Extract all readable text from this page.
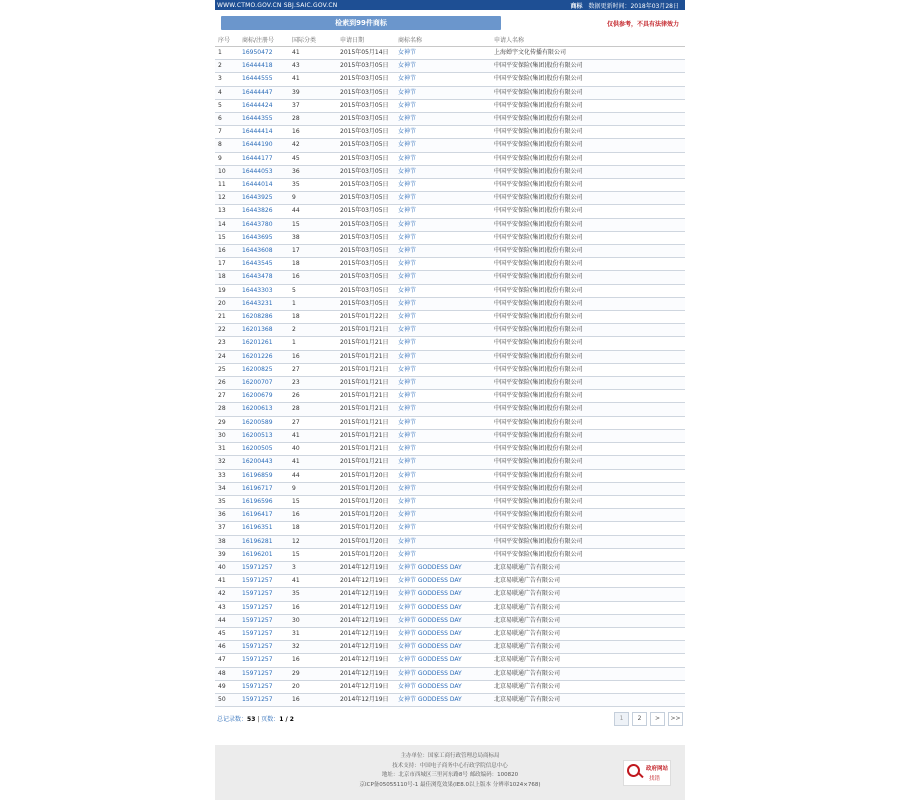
WWW.CTMO.GOV.CN SBJ.SAIC.GOV.CN	商标 数据更新时间：2018年03月28日
检索到99件商标	仅供参考，不具有法律效力
序号	商标/注册号	国际分类	申请日期	商标名称	申请人名称
1	16950472	41	2015年05月14日	女神节	上海婵宇文化传播有限公司
2	16444418	43	2015年03月05日	女神节	中国平安保险(集团)股份有限公司
3	16444555	41	2015年03月05日	女神节	中国平安保险(集团)股份有限公司
4	16444447	39	2015年03月05日	女神节	中国平安保险(集团)股份有限公司
5	16444424	37	2015年03月05日	女神节	中国平安保险(集团)股份有限公司
6	16444355	28	2015年03月05日	女神节	中国平安保险(集团)股份有限公司
7	16444414	16	2015年03月05日	女神节	中国平安保险(集团)股份有限公司
8	16444190	42	2015年03月05日	女神节	中国平安保险(集团)股份有限公司
9	16444177	45	2015年03月05日	女神节	中国平安保险(集团)股份有限公司
10	16444053	36	2015年03月05日	女神节	中国平安保险(集团)股份有限公司
11	16444014	35	2015年03月05日	女神节	中国平安保险(集团)股份有限公司
12	16443925	9	2015年03月05日	女神节	中国平安保险(集团)股份有限公司
13	16443826	44	2015年03月05日	女神节	中国平安保险(集团)股份有限公司
14	16443780	15	2015年03月05日	女神节	中国平安保险(集团)股份有限公司
15	16443695	38	2015年03月05日	女神节	中国平安保险(集团)股份有限公司
16	16443608	17	2015年03月05日	女神节	中国平安保险(集团)股份有限公司
17	16443545	18	2015年03月05日	女神节	中国平安保险(集团)股份有限公司
18	16443478	16	2015年03月05日	女神节	中国平安保险(集团)股份有限公司
19	16443303	5	2015年03月05日	女神节	中国平安保险(集团)股份有限公司
20	16443231	1	2015年03月05日	女神节	中国平安保险(集团)股份有限公司
21	16208286	18	2015年01月22日	女神节	中国平安保险(集团)股份有限公司
22	16201368	2	2015年01月21日	女神节	中国平安保险(集团)股份有限公司
23	16201261	1	2015年01月21日	女神节	中国平安保险(集团)股份有限公司
24	16201226	16	2015年01月21日	女神节	中国平安保险(集团)股份有限公司
25	16200825	27	2015年01月21日	女神节	中国平安保险(集团)股份有限公司
26	16200707	23	2015年01月21日	女神节	中国平安保险(集团)股份有限公司
27	16200679	26	2015年01月21日	女神节	中国平安保险(集团)股份有限公司
28	16200613	28	2015年01月21日	女神节	中国平安保险(集团)股份有限公司
29	16200589	27	2015年01月21日	女神节	中国平安保险(集团)股份有限公司
30	16200513	41	2015年01月21日	女神节	中国平安保险(集团)股份有限公司
31	16200505	40	2015年01月21日	女神节	中国平安保险(集团)股份有限公司
32	16200443	41	2015年01月21日	女神节	中国平安保险(集团)股份有限公司
33	16196859	44	2015年01月20日	女神节	中国平安保险(集团)股份有限公司
34	16196717	9	2015年01月20日	女神节	中国平安保险(集团)股份有限公司
35	16196596	15	2015年01月20日	女神节	中国平安保险(集团)股份有限公司
36	16196417	16	2015年01月20日	女神节	中国平安保险(集团)股份有限公司
37	16196351	18	2015年01月20日	女神节	中国平安保险(集团)股份有限公司
38	16196281	12	2015年01月20日	女神节	中国平安保险(集团)股份有限公司
39	16196201	15	2015年01月20日	女神节	中国平安保险(集团)股份有限公司
40	15971257	3	2014年12月19日	女神节 GODDESS DAY	北京易联通广告有限公司
41	15971257	41	2014年12月19日	女神节 GODDESS DAY	北京易联通广告有限公司
42	15971257	35	2014年12月19日	女神节 GODDESS DAY	北京易联通广告有限公司
43	15971257	16	2014年12月19日	女神节 GODDESS DAY	北京易联通广告有限公司
44	15971257	30	2014年12月19日	女神节 GODDESS DAY	北京易联通广告有限公司
45	15971257	31	2014年12月19日	女神节 GODDESS DAY	北京易联通广告有限公司
46	15971257	32	2014年12月19日	女神节 GODDESS DAY	北京易联通广告有限公司
47	15971257	16	2014年12月19日	女神节 GODDESS DAY	北京易联通广告有限公司
48	15971257	29	2014年12月19日	女神节 GODDESS DAY	北京易联通广告有限公司
49	15971257	20	2014年12月19日	女神节 GODDESS DAY	北京易联通广告有限公司
50	15971257	16	2014年12月19日	女神节 GODDESS DAY	北京易联通广告有限公司
总记录数：53 | 页数：1 / 2	1	2	>	>>
主办单位：国家工商行政管理总局商标局
技术支持：中国电子商务中心行政学院信息中心
地址：北京市西城区三里河东路8号 邮政编码：100820
京ICP备05055110号-1 最佳浏览效果(IE8.0以上版本 分辨率1024×768)
政府网站
找错
